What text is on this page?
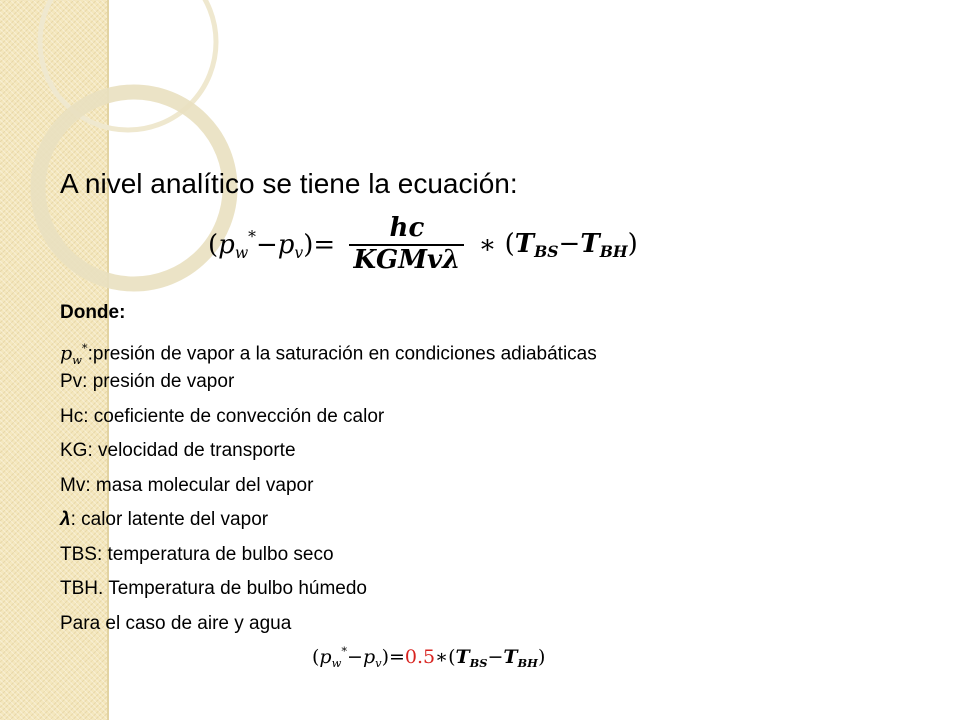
A nivel analítico se tiene la ecuación:
$(p_w^*-p_v)= \frac{hc}{\text{KGMvλ}}$ ∗ $(T_{BS}-T_{BH})$
Donde:
$p_w^*:presión$ de vapor a la saturación en condiciones adiabáticas
Pv: presión de vapor
Hc: coeficiente de convección de calor
KG: velocidad de transporte
Mv: masa molecular del vapor
λ: calor latente del vapor
TBS: temperatura de bulbo seco
TBH. Temperatura de bulbo húmedo
Para el caso de aire y agua
$(p_w^*-p_v)=0.5∗(T_{BS}-T_{BH})$
